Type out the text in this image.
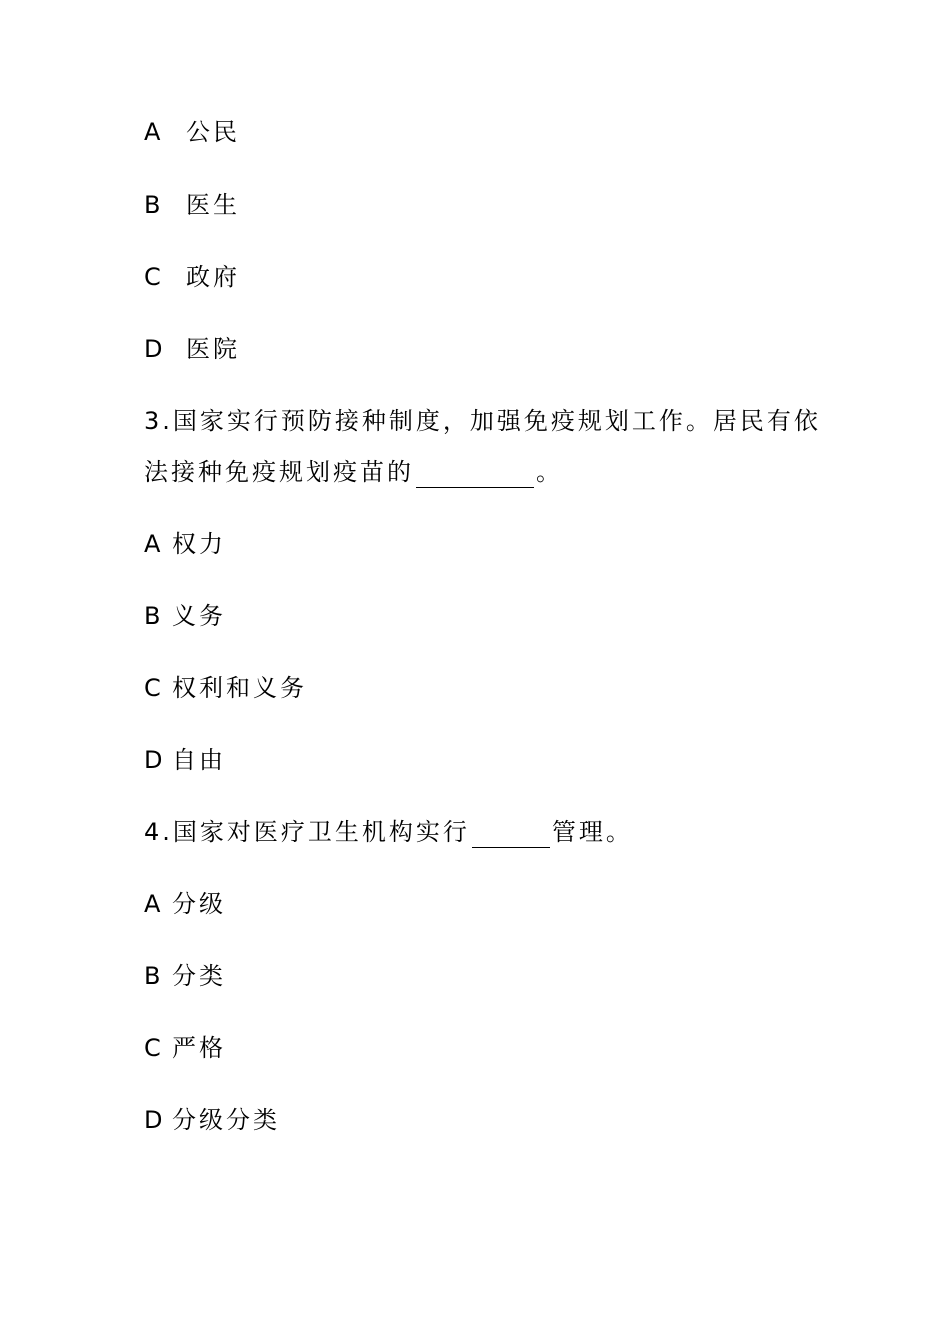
A 公民
B 医生
C 政府
D 医院
3.国家实行预防接种制度，加强免疫规划工作。居民有依
法接种免疫规划疫苗的	。
A 权力
B 义务
C 权利和义务
D 自由
4.国家对医疗卫生机构实行	管理。
A 分级
B 分类
C 严格
D 分级分类
